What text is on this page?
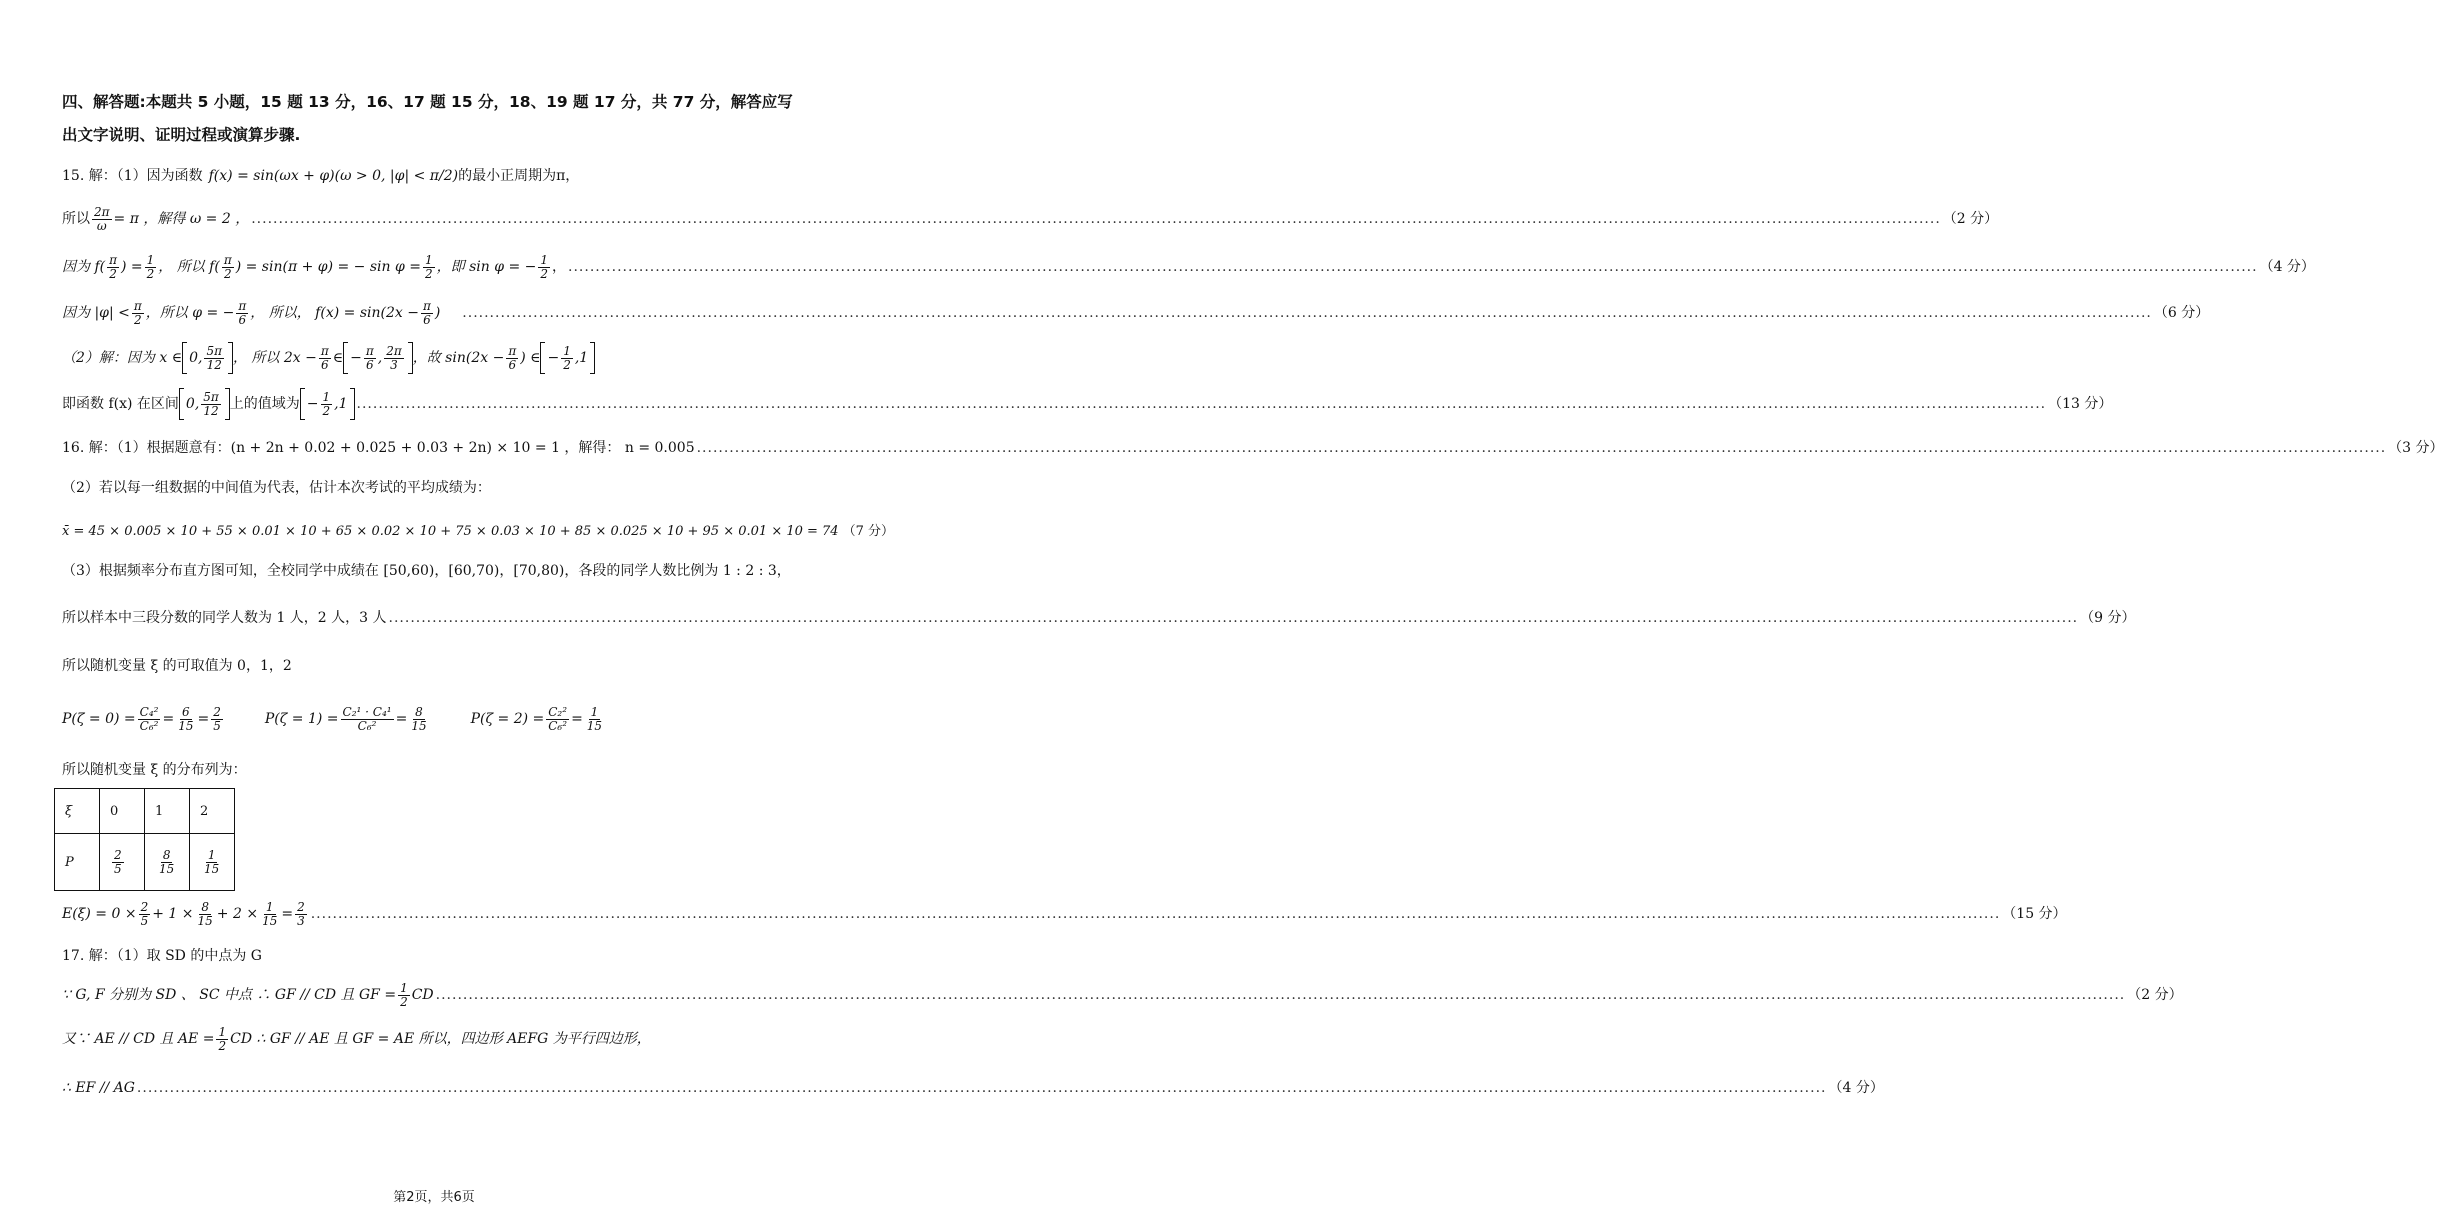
四、解答题:本题共 5 小题，15 题 13 分，16、17 题 15 分，18、19 题 17 分，共 77 分，解答应写
出文字说明、证明过程或演算步骤.
15. 解：（1）因为函数 f(x) = sin(ωx + φ)(ω > 0, |φ| < π/2) 的最小正周期为π，
所以 $\frac{2\pi}{\omega} = \pi$ ，解得 ω = 2 ， .....	（2 分）
因为 $f( \frac{\pi}{2}$ ) = $\frac{1}{2}$ ， 所以 $f( \frac{\pi}{2}$ ) = sin(π + φ) = − $\sin \varphi = \frac{1}{2}$ ，即 sin φ = − $\frac{1}{2}$ ， .....	（4 分）
因为 $|\varphi| < \frac{\pi}{2}$ ，所以 φ = − $\frac{\pi}{6}$ ， 所以， $f(x) = \sin(2x - \frac{\pi}{6}$ ) .....	（6 分）
（2）解：因为 x ∈ 0, $\frac{5\pi}{12}$ ， 所以 $2x - \frac{\pi}{6}$ ∈ − $\frac{\pi}{6}$ , $\frac{2\pi}{3}$ ，故 $\sin(2x - \frac{\pi}{6}$ ) ∈ − $\frac{1}{2} ,1$
即函数 f(x) 在区间 0, $\frac{5\pi}{12}$ 上的值域为 − $\frac{1}{2} ,1$ .....	（13 分）
16. 解：（1）根据题意有：(n + 2n + 0.02 + 0.025 + 0.03 + 2n) × 10 = 1 ，解得： n = 0.005 .....	（3 分）
（2）若以每一组数据的中间值为代表，估计本次考试的平均成绩为：
x̄ = 45 × 0.005 × 10 + 55 × 0.01 × 10 + 65 × 0.02 × 10 + 75 × 0.03 × 10 + 85 × 0.025 × 10 + 95 × 0.01 × 10 = 74 （7 分）
（3）根据频率分布直方图可知，全校同学中成绩在 [50,60)，[60,70)，[70,80)，各段的同学人数比例为 1 : 2 : 3，
所以样本中三段分数的同学人数为 1 人，2 人，3 人 .....	（9 分）
所以随机变量 ξ 的可取值为 0，1，2
$P(\zeta = 0) = \frac{\text{C₄²}}{\text{C₆²}} = \frac{6}{15} = \frac{2}{5}$	$P(\zeta = 1) = \frac{\text{C₂¹ · C₄¹}}{\text{C₆²}} = \frac{8}{15}$	$P(\zeta = 2) = \frac{\text{C₂²}}{\text{C₆²}} = \frac{1}{15}$
所以随机变量 ξ 的分布列为：
ξ	0	1	2
P	$\frac{2}{5}$	$\frac{8}{15}$	$\frac{1}{15}$
$E(\xi) = 0 \times \frac{2}{5} + 1 \times \frac{8}{15} + 2 \times \frac{1}{15} = \frac{2}{3}$ .....	（15 分）
17. 解：（1）取 SD 的中点为 G
∵ G, F 分别为 SD 、 SC 中点 ∴ GF // CD 且 GF = $\frac{1}{2}$ CD .....	（2 分）
又∵ AE // CD 且 AE = $\frac{1}{2}$ CD ∴ GF // AE 且 GF = AE 所以，四边形 AEFG 为平行四边形，
∴ EF // AG .....	（4 分）
第2页，共6页
